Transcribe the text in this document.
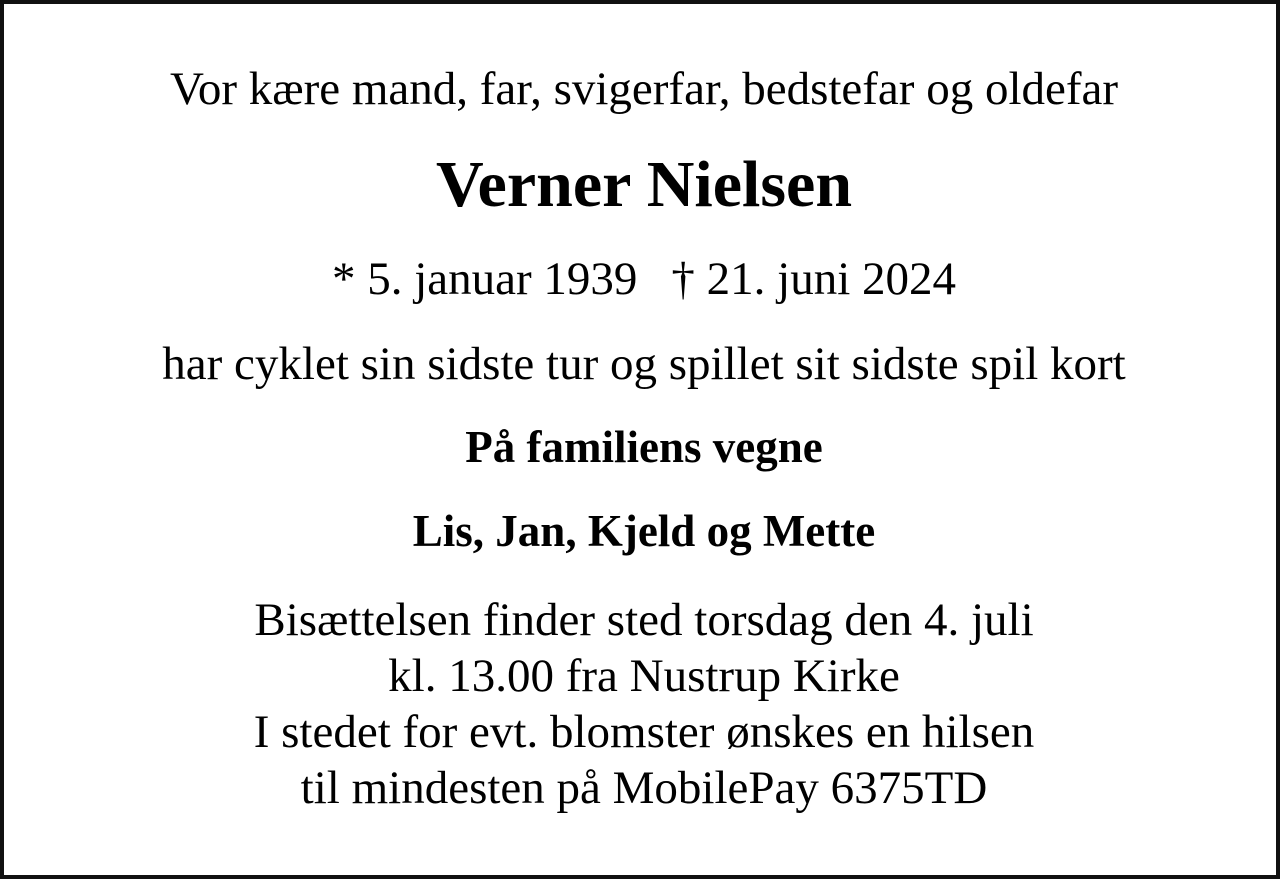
Vor kære mand, far, svigerfar, bedstefar og oldefar
Verner Nielsen
* 5. januar 1939 † 21. juni 2024
har cyklet sin sidste tur og spillet sit sidste spil kort
På familiens vegne
Lis, Jan, Kjeld og Mette
Bisættelsen finder sted torsdag den 4. juli
kl. 13.00 fra Nustrup Kirke
I stedet for evt. blomster ønskes en hilsen
til mindesten på MobilePay 6375TD
